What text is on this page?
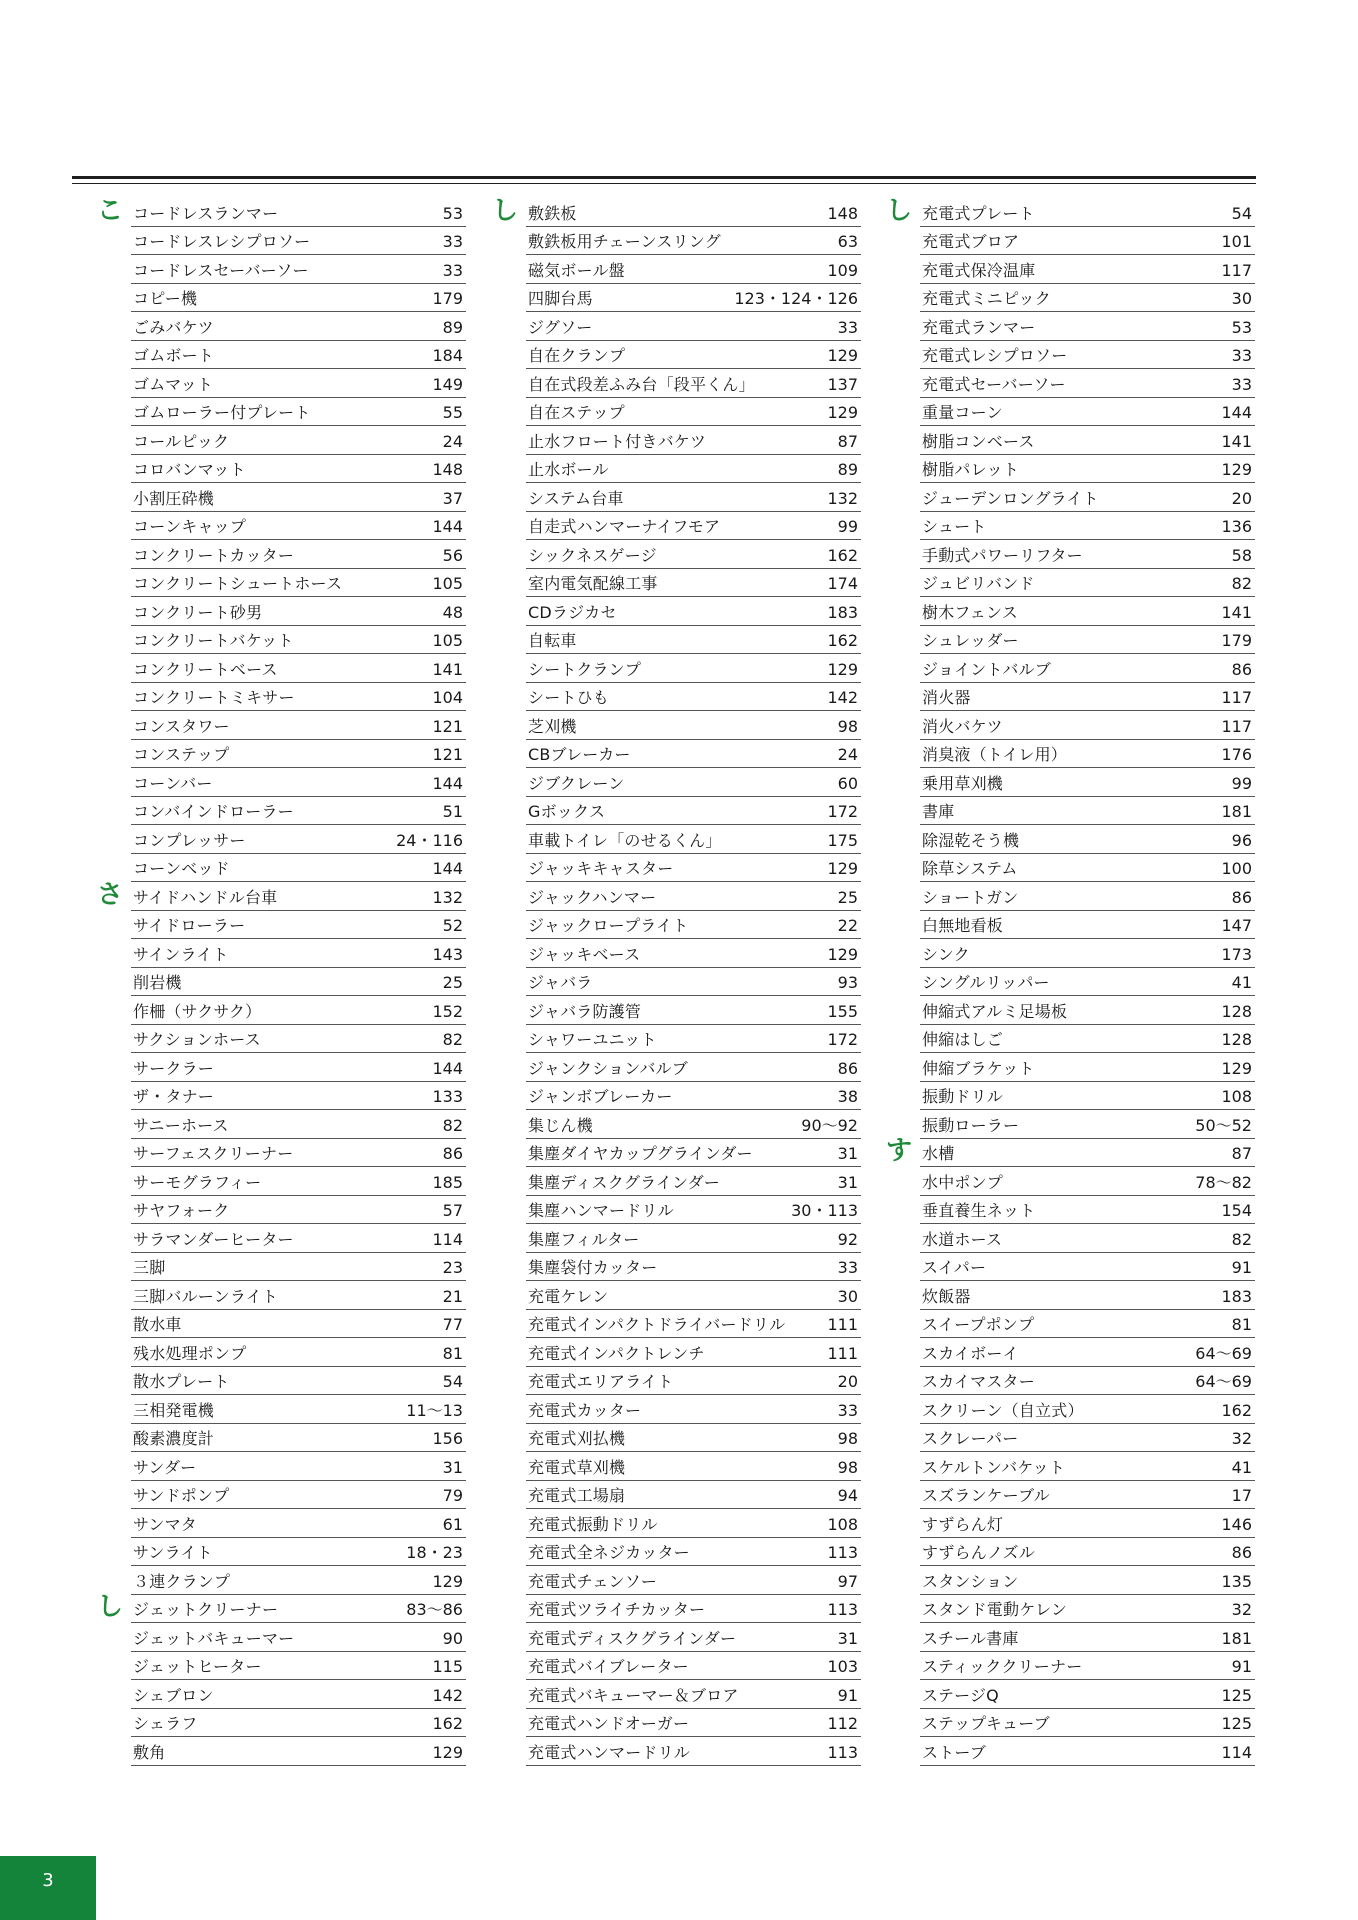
こ コードレスランマー	53
コードレスレシプロソー	33
コードレスセーバーソー	33
コピー機	179
ごみバケツ	89
ゴムボート	184
ゴムマット	149
ゴムローラー付プレート	55
コールピック	24
コロバンマット	148
小割圧砕機	37
コーンキャップ	144
コンクリートカッター	56
コンクリートシュートホース	105
コンクリート砂男	48
コンクリートバケット	105
コンクリートベース	141
コンクリートミキサー	104
コンスタワー	121
コンステップ	121
コーンバー	144
コンバインドローラー	51
コンプレッサー	24・116
コーンベッド	144
さ サイドハンドル台車	132
サイドローラー	52
サインライト	143
削岩機	25
作柵（サクサク）	152
サクションホース	82
サークラー	144
ザ・タナー	133
サニーホース	82
サーフェスクリーナー	86
サーモグラフィー	185
サヤフォーク	57
サラマンダーヒーター	114
三脚	23
三脚バルーンライト	21
散水車	77
残水処理ポンプ	81
散水プレート	54
三相発電機	11〜13
酸素濃度計	156
サンダー	31
サンドポンプ	79
サンマタ	61
サンライト	18・23
３連クランプ	129
し ジェットクリーナー	83〜86
ジェットバキューマー	90
ジェットヒーター	115
シェブロン	142
シェラフ	162
敷角	129
し 敷鉄板	148
敷鉄板用チェーンスリング	63
磁気ボール盤	109
四脚台馬	123・124・126
ジグソー	33
自在クランプ	129
自在式段差ふみ台「段平くん」	137
自在ステップ	129
止水フロート付きバケツ	87
止水ボール	89
システム台車	132
自走式ハンマーナイフモア	99
シックネスゲージ	162
室内電気配線工事	174
CDラジカセ	183
自転車	162
シートクランプ	129
シートひも	142
芝刈機	98
CBブレーカー	24
ジブクレーン	60
Gボックス	172
車載トイレ「のせるくん」	175
ジャッキキャスター	129
ジャックハンマー	25
ジャックロープライト	22
ジャッキベース	129
ジャバラ	93
ジャバラ防護管	155
シャワーユニット	172
ジャンクションバルブ	86
ジャンボブレーカー	38
集じん機	90〜92
集塵ダイヤカップグラインダー	31
集塵ディスクグラインダー	31
集塵ハンマードリル	30・113
集塵フィルター	92
集塵袋付カッター	33
充電ケレン	30
充電式インパクトドライバードリル	111
充電式インパクトレンチ	111
充電式エリアライト	20
充電式カッター	33
充電式刈払機	98
充電式草刈機	98
充電式工場扇	94
充電式振動ドリル	108
充電式全ネジカッター	113
充電式チェンソー	97
充電式ツライチカッター	113
充電式ディスクグラインダー	31
充電式バイブレーター	103
充電式バキューマー＆ブロア	91
充電式ハンドオーガー	112
充電式ハンマードリル	113
し 充電式プレート	54
充電式ブロア	101
充電式保冷温庫	117
充電式ミニピック	30
充電式ランマー	53
充電式レシプロソー	33
充電式セーバーソー	33
重量コーン	144
樹脂コンベース	141
樹脂パレット	129
ジューデンロングライト	20
シュート	136
手動式パワーリフター	58
ジュビリバンド	82
樹木フェンス	141
シュレッダー	179
ジョイントバルブ	86
消火器	117
消火バケツ	117
消臭液（トイレ用）	176
乗用草刈機	99
書庫	181
除湿乾そう機	96
除草システム	100
ショートガン	86
白無地看板	147
シンク	173
シングルリッパー	41
伸縮式アルミ足場板	128
伸縮はしご	128
伸縮ブラケット	129
振動ドリル	108
振動ローラー	50〜52
す 水槽	87
水中ポンプ	78〜82
垂直養生ネット	154
水道ホース	82
スイパー	91
炊飯器	183
スイープポンプ	81
スカイボーイ	64〜69
スカイマスター	64〜69
スクリーン（自立式）	162
スクレーパー	32
スケルトンバケット	41
スズランケーブル	17
すずらん灯	146
すずらんノズル	86
スタンション	135
スタンド電動ケレン	32
スチール書庫	181
スティッククリーナー	91
ステージQ	125
ステップキューブ	125
ストーブ	114
3
